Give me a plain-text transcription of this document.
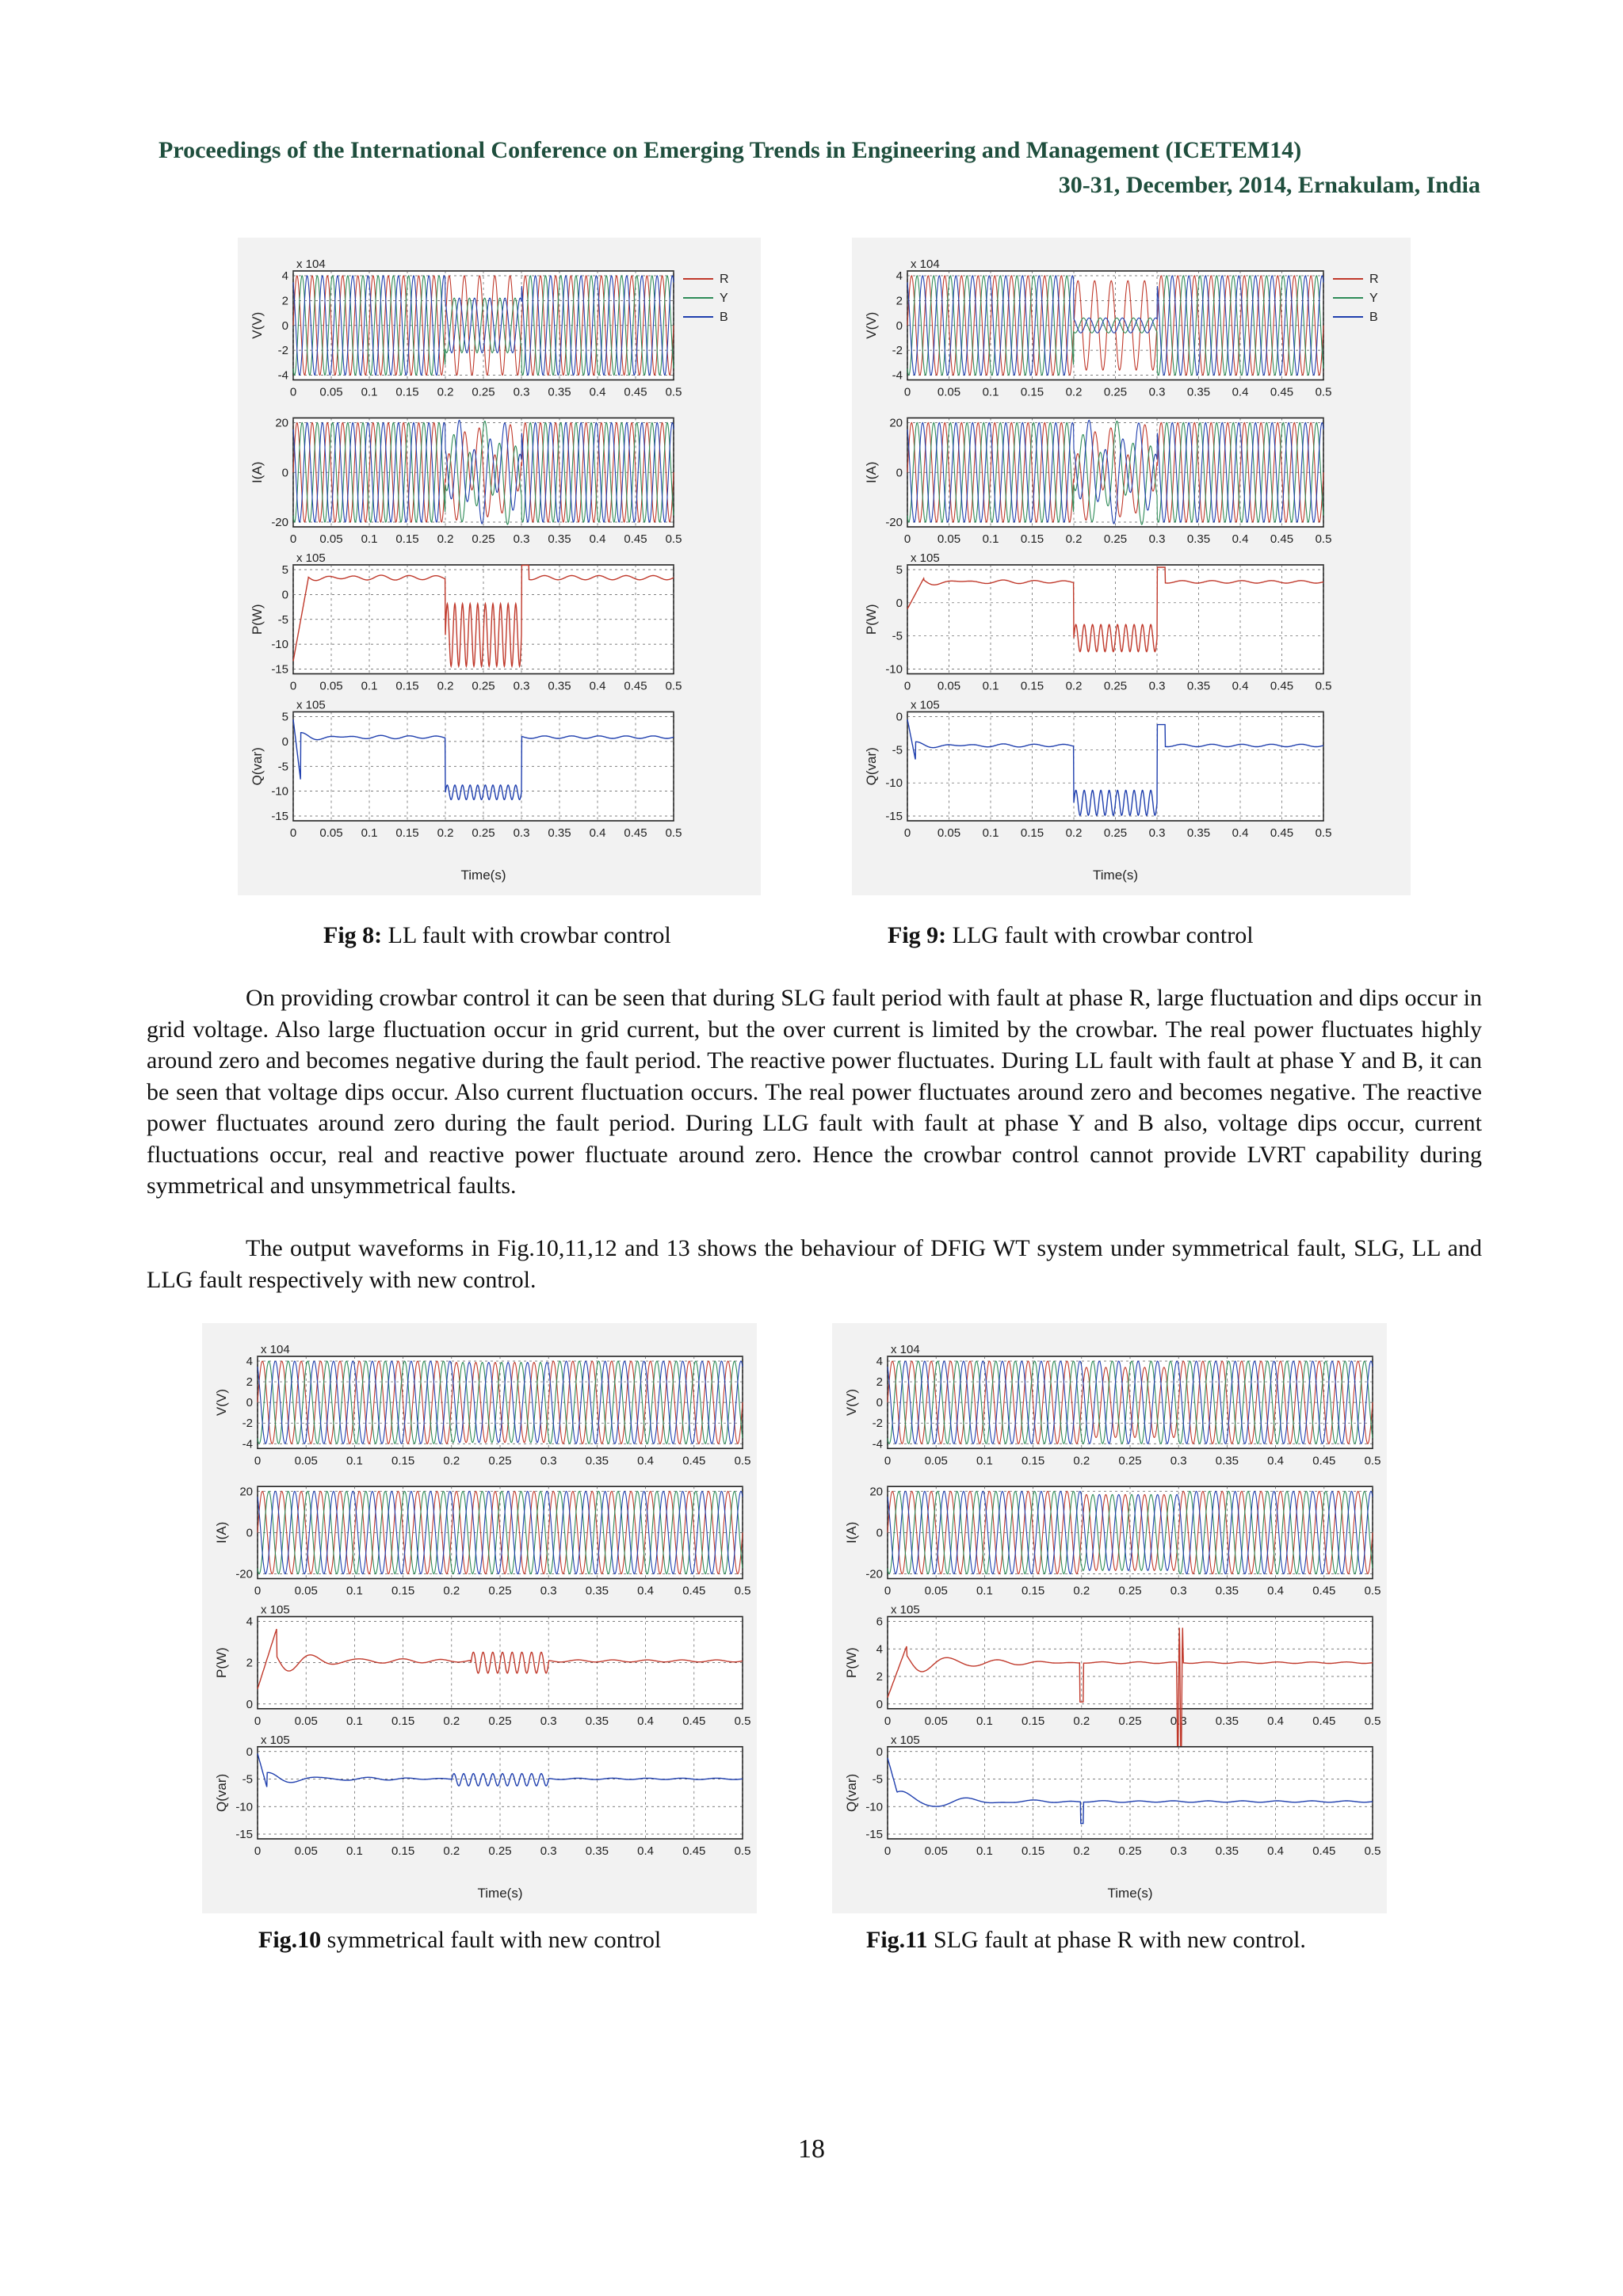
Proceedings of the International Conference on Emerging Trends in Engineering and Management (ICETEM14)
30-31, December, 2014, Ernakulam, India
x 104
0 0.05 0.1 0.15 0.2 0.25 0.3 0.35 0.4 0.45 0.5
4
2
0
-2
-4
V(V)
R
Y
B
0 0.05 0.1 0.15 0.2 0.25 0.3 0.35 0.4 0.45 0.5
20
0
-20
I(A)
x 105
0 0.05 0.1 0.15 0.2 0.25 0.3 0.35 0.4 0.45 0.5
5
0
-5
-10
-15
P(W)
x 105
0 0.05 0.1 0.15 0.2 0.25 0.3 0.35 0.4 0.45 0.5
5
0
-5
-10
-15
Q(var)
Time(s)
x 104
0 0.05 0.1 0.15 0.2 0.25 0.3 0.35 0.4 0.45 0.5
4
2
0
-2
-4
V(V)
R
Y
B
0 0.05 0.1 0.15 0.2 0.25 0.3 0.35 0.4 0.45 0.5
20
0
-20
I(A)
x 105
0 0.05 0.1 0.15 0.2 0.25 0.3 0.35 0.4 0.45 0.5
5
0
-5
-10
P(W)
x 105
0 0.05 0.1 0.15 0.2 0.25 0.3 0.35 0.4 0.45 0.5
0
-5
-10
-15
Q(var)
Time(s)
x 104
0	0.05 0.1 0.15 0.2 0.25 0.3 0.35 0.4 0.45 0.5
4
2
0
-2
-4
V(V)
0	0.05 0.1 0.15 0.2 0.25 0.3 0.35 0.4 0.45 0.5
20
0
-20
I(A)
x 105
0	0.05 0.1 0.15 0.2 0.25 0.3 0.35 0.4 0.45 0.5
4
2
0
P(W)
x 105
0	0.05 0.1 0.15 0.2 0.25 0.3 0.35 0.4 0.45 0.5
0
-5
-10
-15
Q(var)
Time(s)
x 104
0	0.05 0.1 0.15 0.2 0.25 0.3 0.35 0.4 0.45 0.5
4
2
0
-2
-4
V(V)
0	0.05 0.1 0.15 0.2 0.25 0.3 0.35 0.4 0.45 0.5
20
0
-20
I(A)
x 105
0	0.05 0.1 0.15 0.2 0.25 0.3 0.35 0.4 0.45 0.5
6
4
2
0
P(W)
x 105
0	0.05 0.1 0.15 0.2 0.25 0.3 0.35 0.4 0.45 0.5
0
-5
-10
-15
Q(var)
Time(s)
Fig 8: LL fault with crowbar control	Fig 9: LLG fault with crowbar control
On providing crowbar control it can be seen that during SLG fault period with fault at phase R, large fluctuation and dips occur in grid voltage. Also large fluctuation occur in grid current, but the over current is limited by the crowbar. The real power fluctuates highly around zero and becomes negative during the fault period. The reactive power fluctuates. During LL fault with fault at phase Y and B, it can be seen that voltage dips occur. Also current fluctuation occurs. The real power fluctuates around zero and becomes negative. The reactive power fluctuates around zero during the fault period. During LLG fault with fault at phase Y and B also, voltage dips occur, current fluctuations occur, real and reactive power fluctuate around zero. Hence the crowbar control cannot provide LVRT capability during symmetrical and unsymmetrical faults.
The output waveforms in Fig.10,11,12 and 13 shows the behaviour of DFIG WT system under symmetrical fault, SLG, LL and LLG fault respectively with new control.
Fig.10 symmetrical fault with new control	Fig.11 SLG fault at phase R with new control.
18
